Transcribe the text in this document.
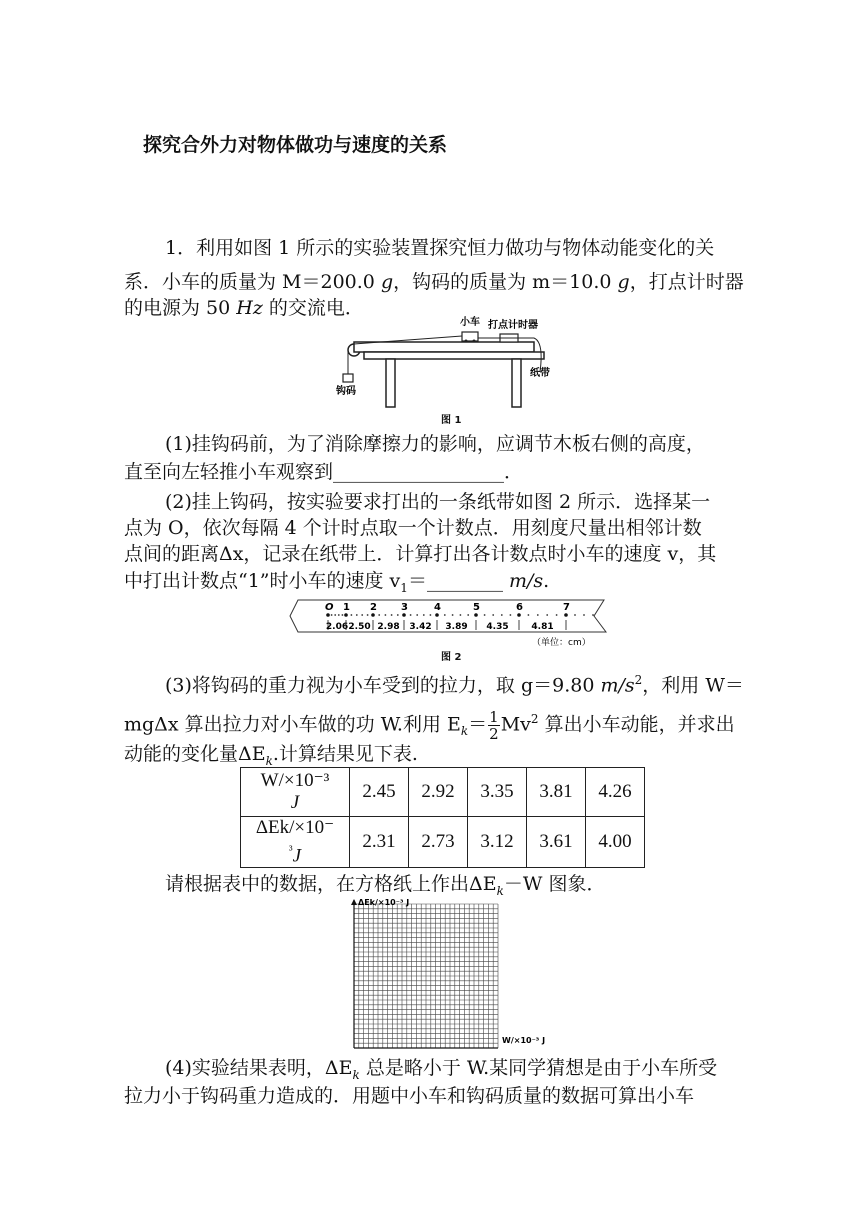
探究合外力对物体做功与速度的关系
1．利用如图 1 所示的实验装置探究恒力做功与物体动能变化的关
系．小车的质量为 M＝200.0 g，钩码的质量为 m＝10.0 g，打点计时器
的电源为 50 Hz 的交流电．
小车 打点计时器
钩码
纸带
图 1
(1)挂钩码前，为了消除摩擦力的影响，应调节木板右侧的高度，
直至向左轻推小车观察到__________________．
(2)挂上钩码，按实验要求打出的一条纸带如图 2 所示．选择某一
点为 O，依次每隔 4 个计时点取一个计数点．用刻度尺量出相邻计数
点间的距离Δx，记录在纸带上．计算打出各计数点时小车的速度 v，其
中打出计数点“1”时小车的速度 $v_1=\_\_\_\_\_\_\_\_$ m/s.
O 1 2 3	4	5	6	7
2.06 2.50 2.98 3.42 3.89 4.35	4.81
（单位：cm）
图 2
(3)将钩码的重力视为小车受到的拉力，取 g＝9.80 $m/s^2$，利用 W＝
mgΔx 算出拉力对小车做的功 W.利用 $E_k= \frac{1}{2} Mv^2$ 算出小车动能，并求出
动能的变化量$\Delta E_k$.计算结果见下表.
W/×10⁻³
J	2.45	2.92	3.35	3.81	4.26
ΔEk/×10⁻
$^{^3}$J	2.31	2.73	3.12	3.61	4.00
请根据表中的数据，在方格纸上作出$\Delta E_k-W$ 图象．
ΔEk/×10⁻³ J
W/×10⁻³ J
(4)实验结果表明，$\Delta E_k$ 总是略小于 W.某同学猜想是由于小车所受
拉力小于钩码重力造成的．用题中小车和钩码质量的数据可算出小车
